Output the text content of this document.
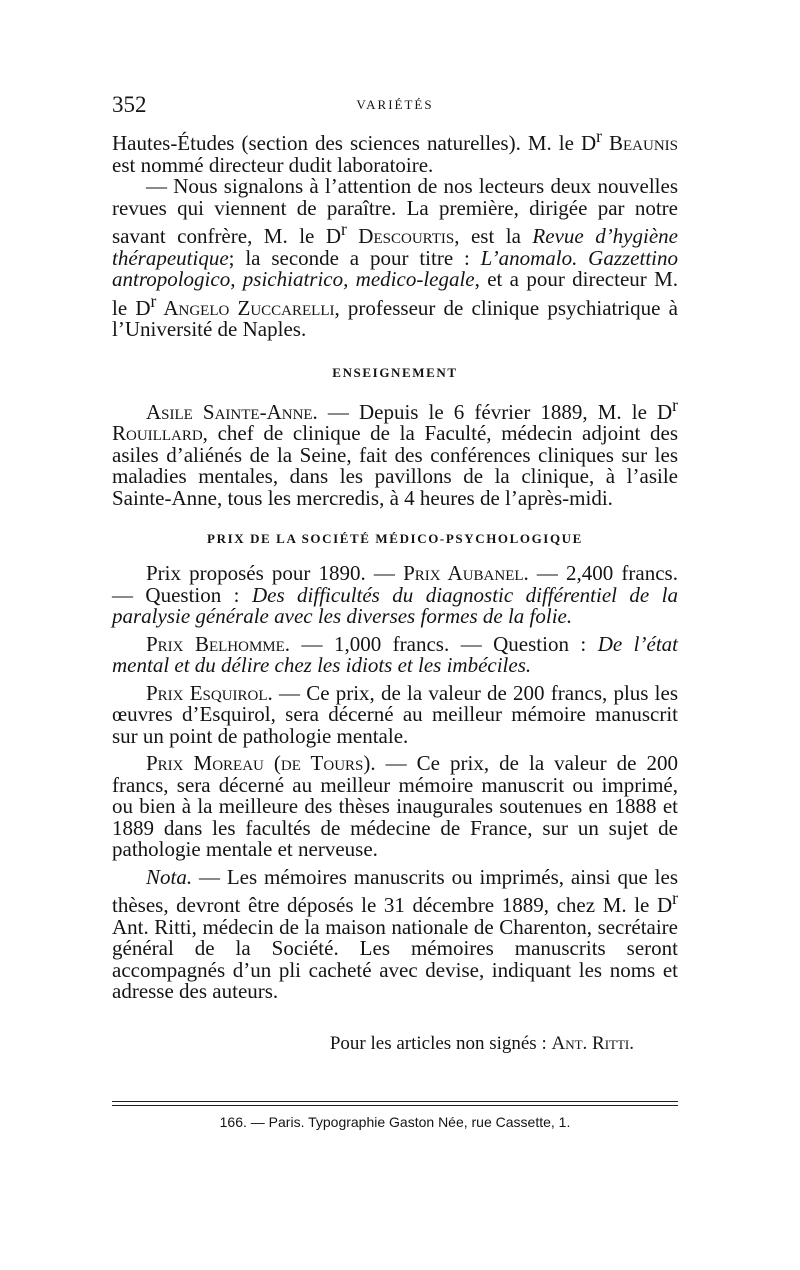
352	VARIÉTÉS

Hautes-Études (section des sciences naturelles). M. le $D^r$ Beaunis est nommé directeur dudit laboratoire.

— Nous signalons à l’attention de nos lecteurs deux nouvelles revues qui viennent de paraître. La première, dirigée par notre savant confrère, M. le $D^r$ Descourtis, est la Revue d’hygiène thérapeutique; la seconde a pour titre : L’anomalo. Gazzettino antropologico, psichiatrico, medico-legale, et a pour directeur M. le $D^r$ Angelo Zuccarelli, professeur de clinique psychiatrique à l’Université de Naples.

ENSEIGNEMENT

Asile Sainte-Anne. — Depuis le 6 février 1889, M. le $D^r$ Rouillard, chef de clinique de la Faculté, médecin adjoint des asiles d’aliénés de la Seine, fait des conférences cliniques sur les maladies mentales, dans les pavillons de la clinique, à l’asile Sainte-Anne, tous les mercredis, à 4 heures de l’après-midi.

PRIX DE LA SOCIÉTÉ MÉDICO-PSYCHOLOGIQUE

Prix proposés pour 1890. — Prix Aubanel. — 2,400 francs. — Question : Des difficultés du diagnostic différentiel de la paralysie générale avec les diverses formes de la folie.

Prix Belhomme. — 1,000 francs. — Question : De l’état mental et du délire chez les idiots et les imbéciles.

Prix Esquirol. — Ce prix, de la valeur de 200 francs, plus les œuvres d’Esquirol, sera décerné au meilleur mémoire manuscrit sur un point de pathologie mentale.

Prix Moreau (de Tours). — Ce prix, de la valeur de 200 francs, sera décerné au meilleur mémoire manuscrit ou imprimé, ou bien à la meilleure des thèses inaugurales soutenues en 1888 et 1889 dans les facultés de médecine de France, sur un sujet de pathologie mentale et nerveuse.

Nota. — Les mémoires manuscrits ou imprimés, ainsi que les thèses, devront être déposés le 31 décembre 1889, chez M. le $D^r$ Ant. Ritti, médecin de la maison nationale de Charenton, secrétaire général de la Société. Les mémoires manuscrits seront accompagnés d’un pli cacheté avec devise, indiquant les noms et adresse des auteurs.

Pour les articles non signés : Ant. Ritti.

166. — Paris. Typographie Gaston Née, rue Cassette, 1.
